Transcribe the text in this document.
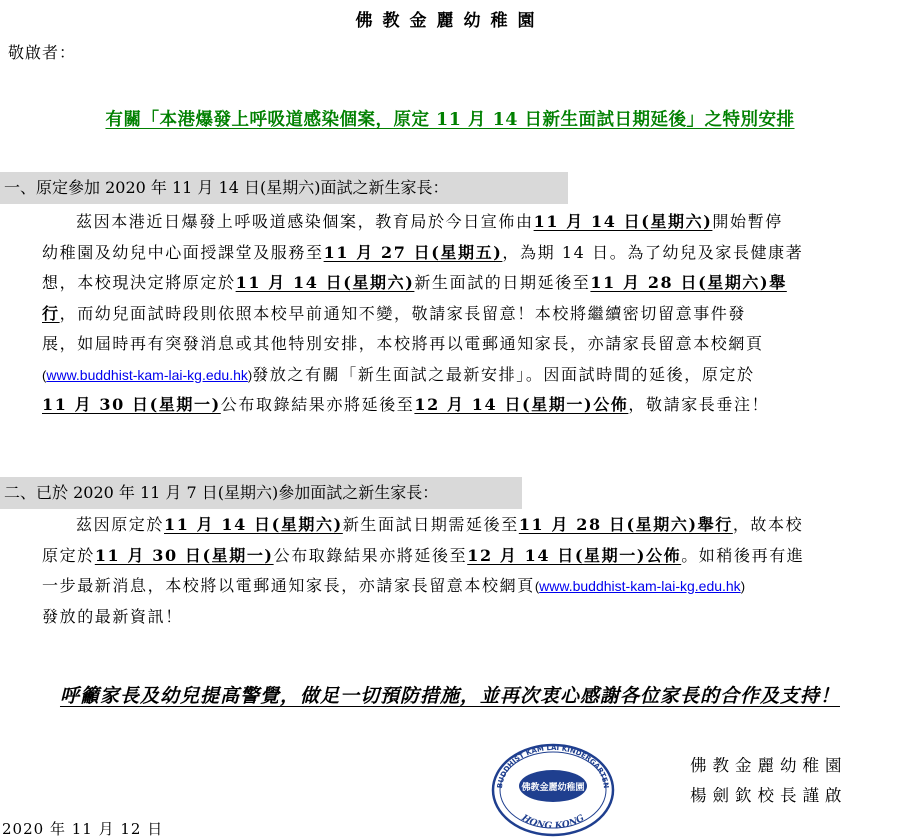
佛教金麗幼稚園
敬啟者：
有關「本港爆發上呼吸道感染個案，原定 11 月 14 日新生面試日期延後」之特別安排
一、原定參加 2020 年 11 月 14 日(星期六)面試之新生家長：
茲因本港近日爆發上呼吸道感染個案，教育局於今日宣佈由11 月 14 日(星期六)開始暫停
幼稚園及幼兒中心面授課堂及服務至11 月 27 日(星期五)，為期 14 日。為了幼兒及家長健康著
想，本校現決定將原定於11 月 14 日(星期六)新生面試的日期延後至11 月 28 日(星期六)舉
行，而幼兒面試時段則依照本校早前通知不變，敬請家長留意！本校將繼續密切留意事件發
展，如屆時再有突發消息或其他特別安排，本校將再以電郵通知家長，亦請家長留意本校網頁
(www.buddhist-kam-lai-kg.edu.hk)發放之有關「新生面試之最新安排」。因面試時間的延後，原定於
11 月 30 日(星期一)公布取錄結果亦將延後至12 月 14 日(星期一)公佈，敬請家長垂注！
二、已於 2020 年 11 月 7 日(星期六)參加面試之新生家長：
茲因原定於11 月 14 日(星期六)新生面試日期需延後至11 月 28 日(星期六)舉行，故本校
原定於11 月 30 日(星期一)公布取錄結果亦將延後至12 月 14 日(星期一)公佈。如稍後再有進
一步最新消息，本校將以電郵通知家長，亦請家長留意本校網頁(www.buddhist-kam-lai-kg.edu.hk)
發放的最新資訊！
呼籲家長及幼兒提高警覺，做足一切預防措施，並再次衷心感謝各位家長的合作及支持！
BUDDHIST KAM LAI KINDERGARTEN
佛教金麗幼稚園
HONG KONG
佛教金麗幼稚園
楊劍欽校長謹啟
2020 年 11 月 12 日
